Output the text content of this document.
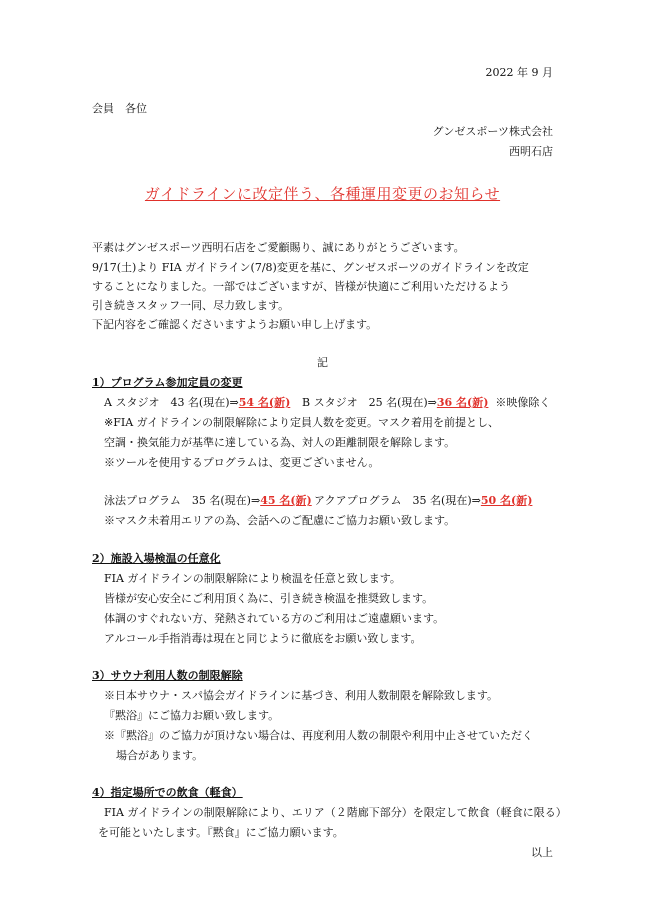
2022 年 9 月
会員　各位
グンゼスポーツ株式会社
西明石店
ガイドラインに改定伴う、各種運用変更のお知らせ
平素はグンゼスポーツ西明石店をご愛顧賜り、誠にありがとうございます。
9/17(土)より FIA ガイドライン(7/8)変更を基に、グンゼスポーツのガイドラインを改定
することになりました。一部ではございますが、皆様が快適にご利用いただけるよう
引き続きスタッフ一同、尽力致します。
下記内容をご確認くださいますようお願い申し上げます。
記
1）プログラム参加定員の変更
A スタジオ　43 名(現在)⇒54 名(新) B スタジオ　25 名(現在)⇒36 名(新) ※映像除く
※FIA ガイドラインの制限解除により定員人数を変更。マスク着用を前提とし、
空調・換気能力が基準に達している為、対人の距離制限を解除します。
※ツールを使用するプログラムは、変更ございません。
泳法プログラム　35 名(現在)⇒45 名(新) アクアプログラム　35 名(現在)⇒50 名(新)
※マスク未着用エリアの為、会話へのご配慮にご協力お願い致します。
2）施設入場検温の任意化
FIA ガイドラインの制限解除により検温を任意と致します。
皆様が安心安全にご利用頂く為に、引き続き検温を推奨致します。
体調のすぐれない方、発熱されている方のご利用はご遠慮願います。
アルコール手指消毒は現在と同じように徹底をお願い致します。
3）サウナ利用人数の制限解除
※日本サウナ・スパ協会ガイドラインに基づき、利用人数制限を解除致します。
『黙浴』にご協力お願い致します。
※『黙浴』のご協力が頂けない場合は、再度利用人数の制限や利用中止させていただく
場合があります。
4）指定場所での飲食（軽食）
FIA ガイドラインの制限解除により、エリア（２階廊下部分）を限定して飲食（軽食に限る）
を可能といたします。『黙食』にご協力願います。
以上
